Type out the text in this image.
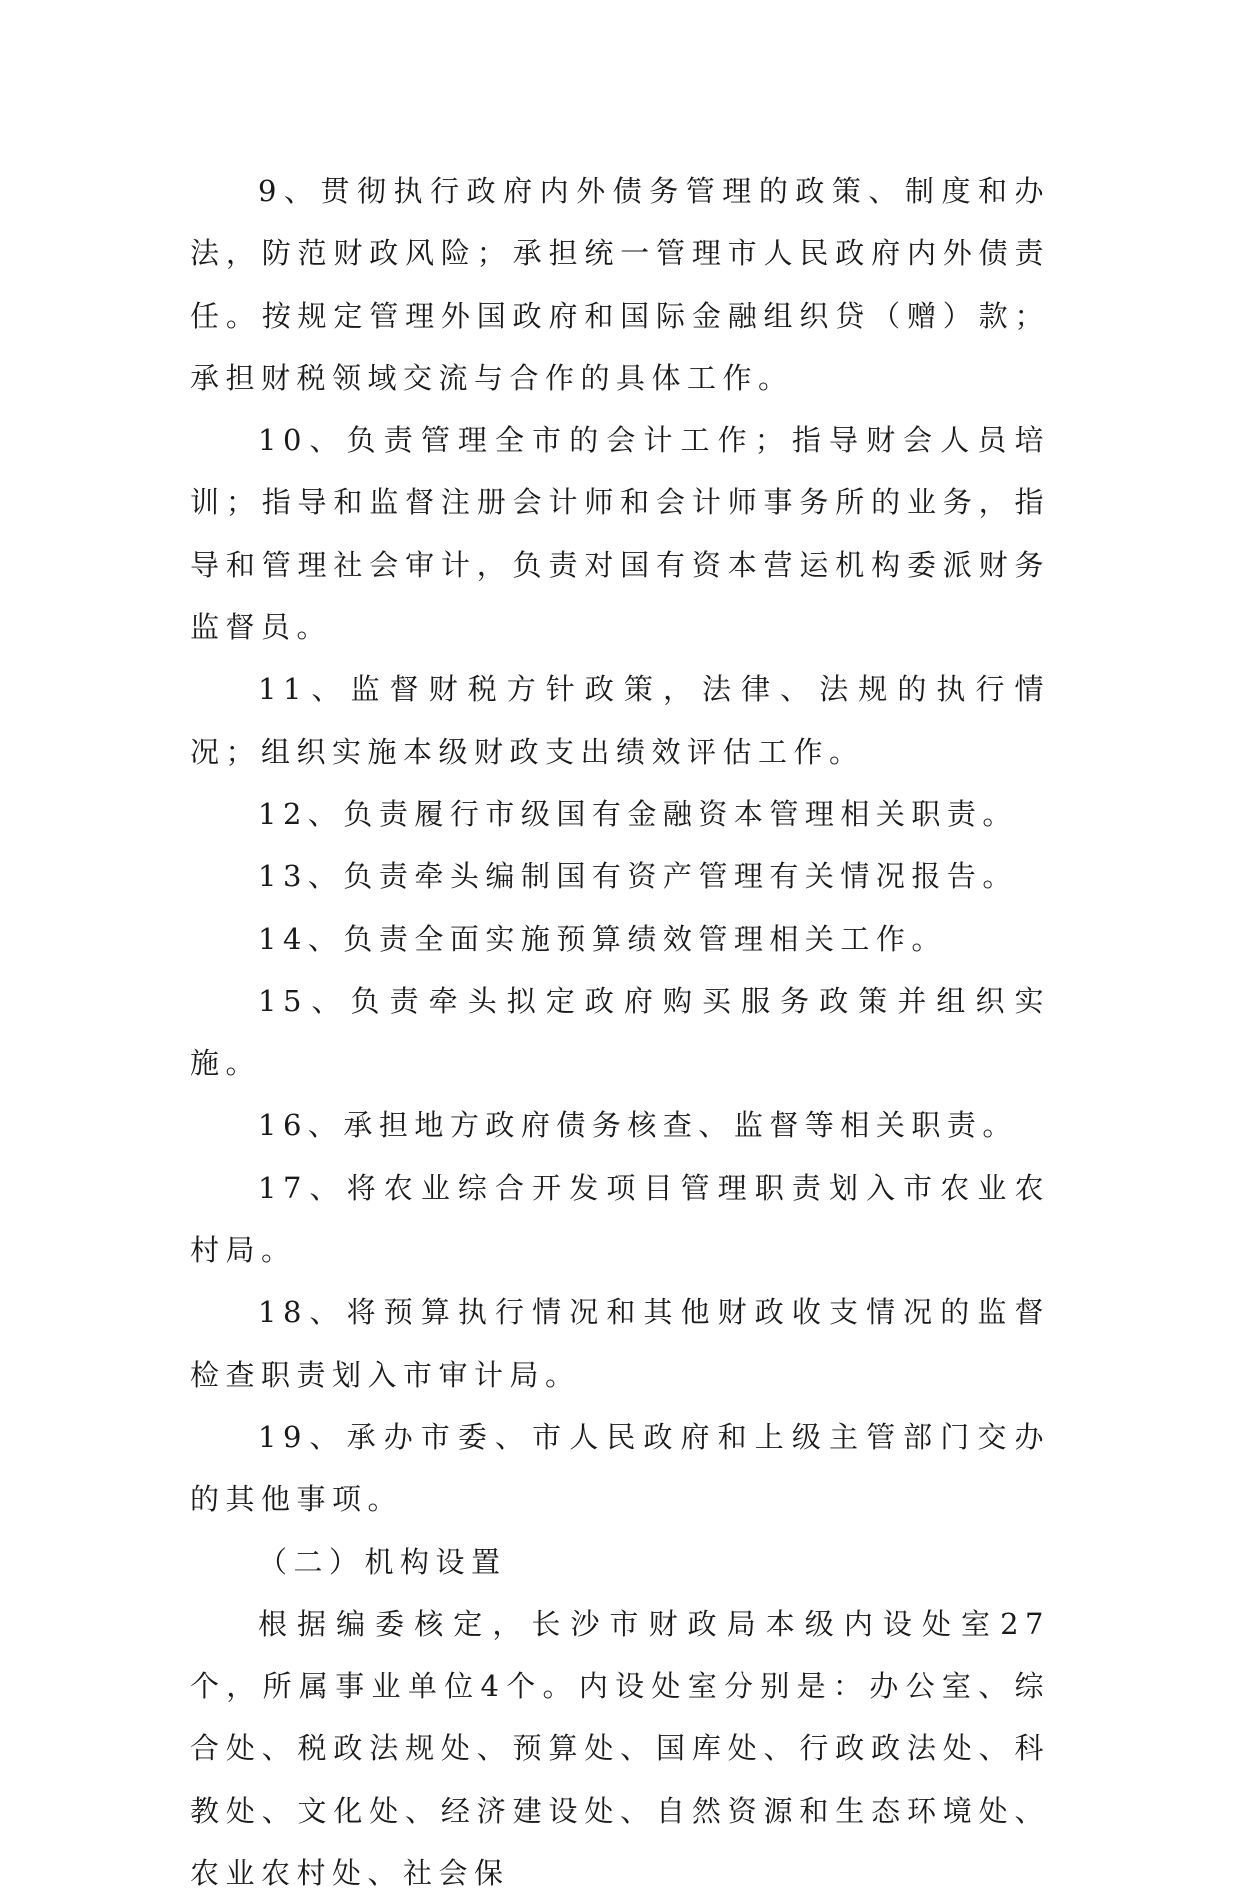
9、贯彻执行政府内外债务管理的政策、制度和办法，防范财政风险；承担统一管理市人民政府内外债责任。按规定管理外国政府和国际金融组织贷（赠）款；承担财税领域交流与合作的具体工作。

10、负责管理全市的会计工作；指导财会人员培训；指导和监督注册会计师和会计师事务所的业务，指导和管理社会审计，负责对国有资本营运机构委派财务监督员。

11、监督财税方针政策，法律、法规的执行情况；组织实施本级财政支出绩效评估工作。

12、负责履行市级国有金融资本管理相关职责。

13、负责牵头编制国有资产管理有关情况报告。

14、负责全面实施预算绩效管理相关工作。

15、负责牵头拟定政府购买服务政策并组织实施。

16、承担地方政府债务核查、监督等相关职责。

17、将农业综合开发项目管理职责划入市农业农村局。

18、将预算执行情况和其他财政收支情况的监督检查职责划入市审计局。

19、承办市委、市人民政府和上级主管部门交办的其他事项。

（二）机构设置

根据编委核定，长沙市财政局本级内设处室27个，所属事业单位4个。内设处室分别是：办公室、综合处、税政法规处、预算处、国库处、行政政法处、科教处、文化处、经济建设处、自然资源和生态环境处、农业农村处、社会保
